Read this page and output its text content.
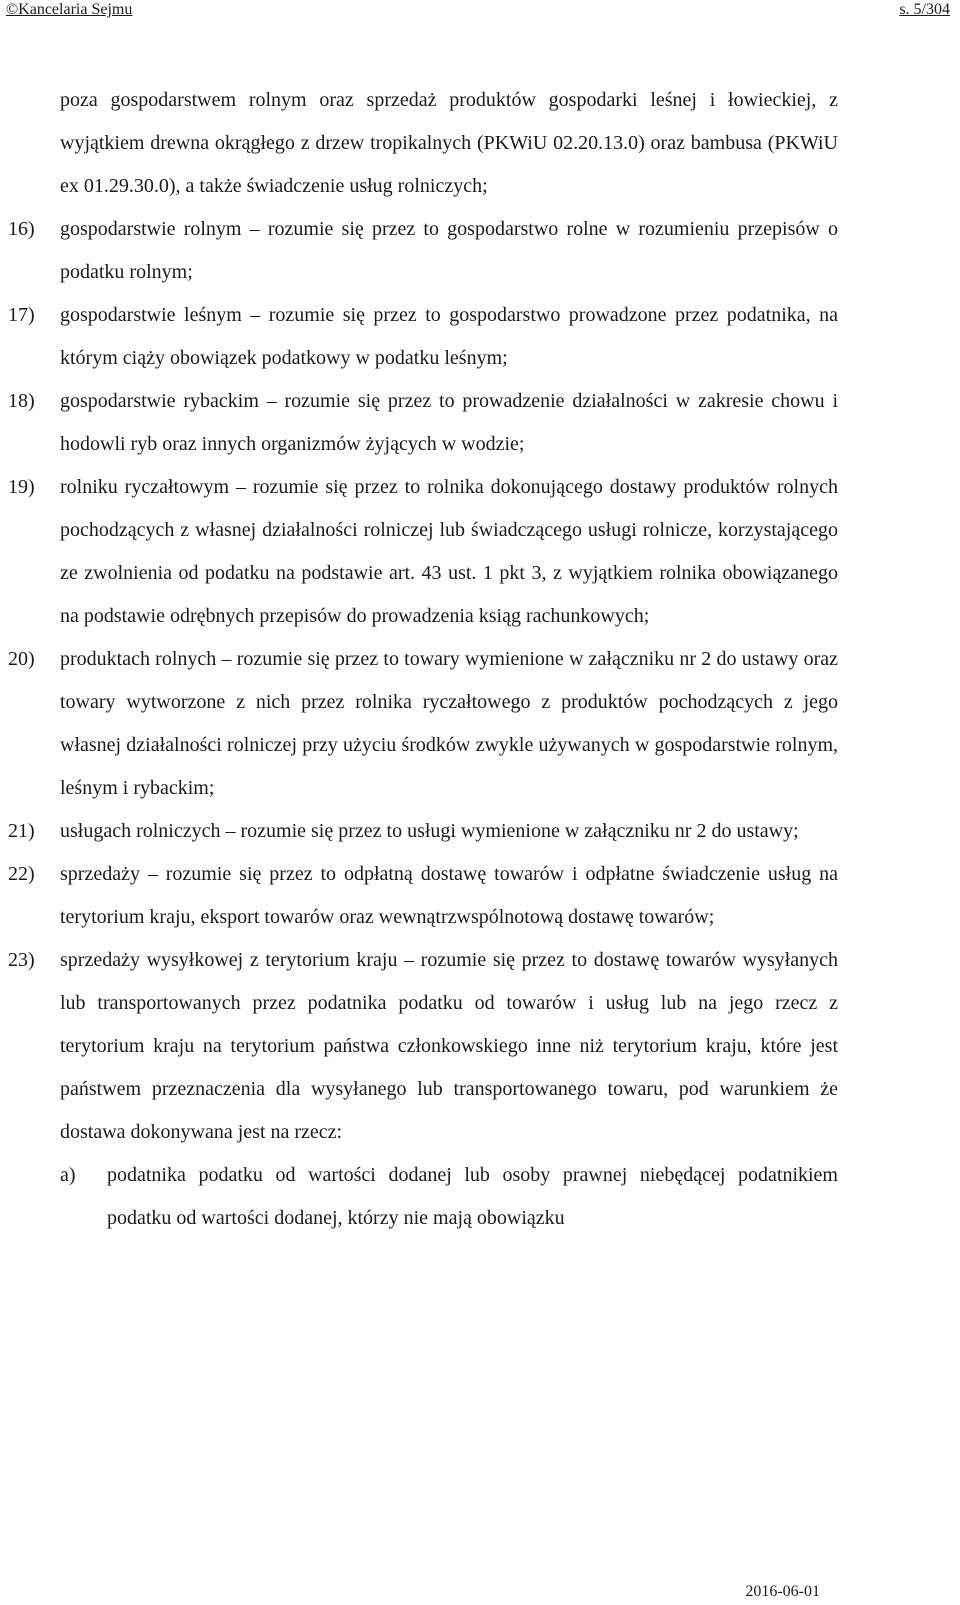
©Kancelaria Sejmu	s. 5/304
poza gospodarstwem rolnym oraz sprzedaż produktów gospodarki leśnej i łowieckiej, z wyjątkiem drewna okrągłego z drzew tropikalnych (PKWiU 02.20.13.0) oraz bambusa (PKWiU ex 01.29.30.0), a także świadczenie usług rolniczych;
16) gospodarstwie rolnym – rozumie się przez to gospodarstwo rolne w rozumieniu przepisów o podatku rolnym;
17) gospodarstwie leśnym – rozumie się przez to gospodarstwo prowadzone przez podatnika, na którym ciąży obowiązek podatkowy w podatku leśnym;
18) gospodarstwie rybackim – rozumie się przez to prowadzenie działalności w zakresie chowu i hodowli ryb oraz innych organizmów żyjących w wodzie;
19) rolniku ryczałtowym – rozumie się przez to rolnika dokonującego dostawy produktów rolnych pochodzących z własnej działalności rolniczej lub świadczącego usługi rolnicze, korzystającego ze zwolnienia od podatku na podstawie art. 43 ust. 1 pkt 3, z wyjątkiem rolnika obowiązanego na podstawie odrębnych przepisów do prowadzenia ksiąg rachunkowych;
20) produktach rolnych – rozumie się przez to towary wymienione w załączniku nr 2 do ustawy oraz towary wytworzone z nich przez rolnika ryczałtowego z produktów pochodzących z jego własnej działalności rolniczej przy użyciu środków zwykle używanych w gospodarstwie rolnym, leśnym i rybackim;
21) usługach rolniczych – rozumie się przez to usługi wymienione w załączniku nr 2 do ustawy;
22) sprzedaży – rozumie się przez to odpłatną dostawę towarów i odpłatne świadczenie usług na terytorium kraju, eksport towarów oraz wewnątrzwspólnotową dostawę towarów;
23) sprzedaży wysyłkowej z terytorium kraju – rozumie się przez to dostawę towarów wysyłanych lub transportowanych przez podatnika podatku od towarów i usług lub na jego rzecz z terytorium kraju na terytorium państwa członkowskiego inne niż terytorium kraju, które jest państwem przeznaczenia dla wysyłanego lub transportowanego towaru, pod warunkiem że dostawa dokonywana jest na rzecz:
a) podatnika podatku od wartości dodanej lub osoby prawnej niebędącej podatnikiem podatku od wartości dodanej, którzy nie mają obowiązku
2016-06-01
